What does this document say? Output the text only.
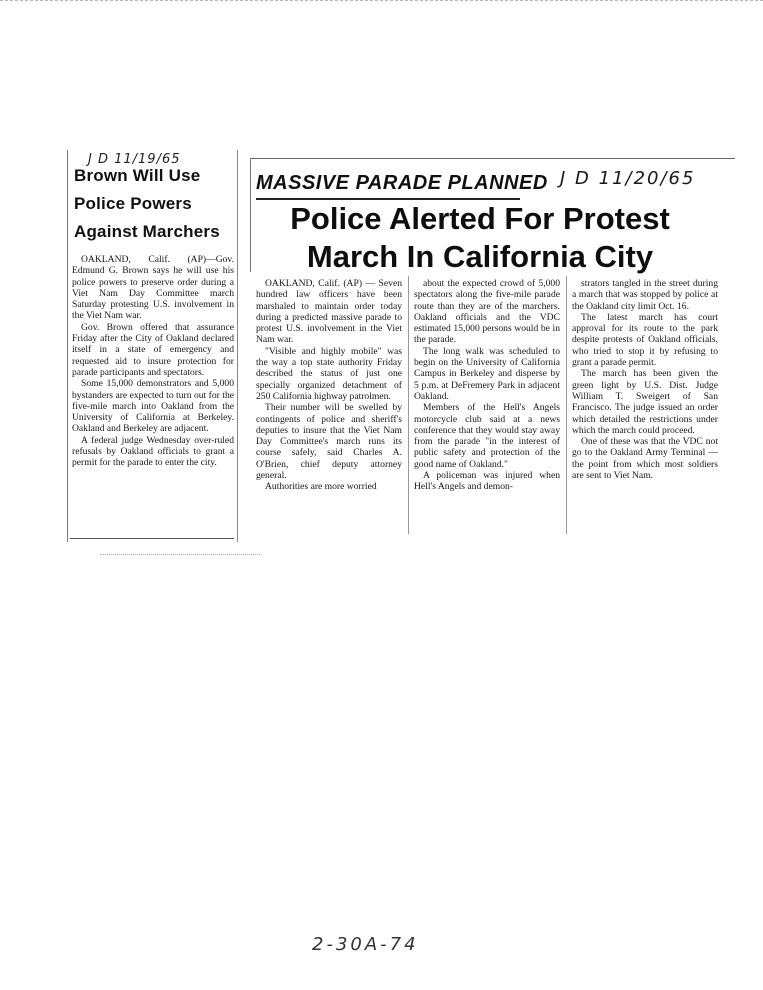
J D 11/19/65
Brown Will Use Police Powers Against Marchers

OAKLAND, Calif. (AP)—Gov. Edmund G. Brown says he will use his police powers to preserve order during a Viet Nam Day Committee march Saturday protesting U.S. involvement in the Viet Nam war.

Gov. Brown offered that assurance Friday after the City of Oakland declared itself in a state of emergency and requested aid to insure protection for parade participants and spectators.

Some 15,000 demonstrators and 5,000 bystanders are expected to turn out for the five-mile march into Oakland from the University of California at Berkeley. Oakland and Berkeley are adjacent.

A federal judge Wednesday over-ruled refusals by Oakland officials to grant a permit for the parade to enter the city.

MASSIVE PARADE PLANNED J D 11/20/65
Police Alerted For Protest March In California City

OAKLAND, Calif. (AP) — Seven hundred law officers have been marshaled to maintain order today during a predicted massive parade to protest U.S. involvement in the Viet Nam war.

"Visible and highly mobile" was the way a top state authority Friday described the status of just one specially organized detachment of 250 California highway patrolmen.

Their number will be swelled by contingents of police and sheriff's deputies to insure that the Viet Nam Day Committee's march runs its course safely, said Charles A. O'Brien, chief deputy attorney general.

Authorities are more worried

about the expected crowd of 5,000 spectators along the five-mile parade route than they are of the marchers. Oakland officials and the VDC estimated 15,000 persons would be in the parade.

The long walk was scheduled to begin on the University of California Campus in Berkeley and disperse by 5 p.m. at DeFremery Park in adjacent Oakland.

Members of the Hell's Angels motorcycle club said at a news conference that they would stay away from the parade "in the interest of public safety and protection of the good name of Oakland."

A policeman was injured when Hell's Angels and demon-

strators tangled in the street during a march that was stopped by police at the Oakland city limit Oct. 16.

The latest march has court approval for its route to the park despite protests of Oakland officials, who tried to stop it by refusing to grant a parade permit.

The march has been given the green light by U.S. Dist. Judge William T. Sweigert of San Francisco. The judge issued an order which detailed the restrictions under which the march could proceed.

One of these was that the VDC not go to the Oakland Army Terminal — the point from which most soldiers are sent to Viet Nam.

2-30A-74
